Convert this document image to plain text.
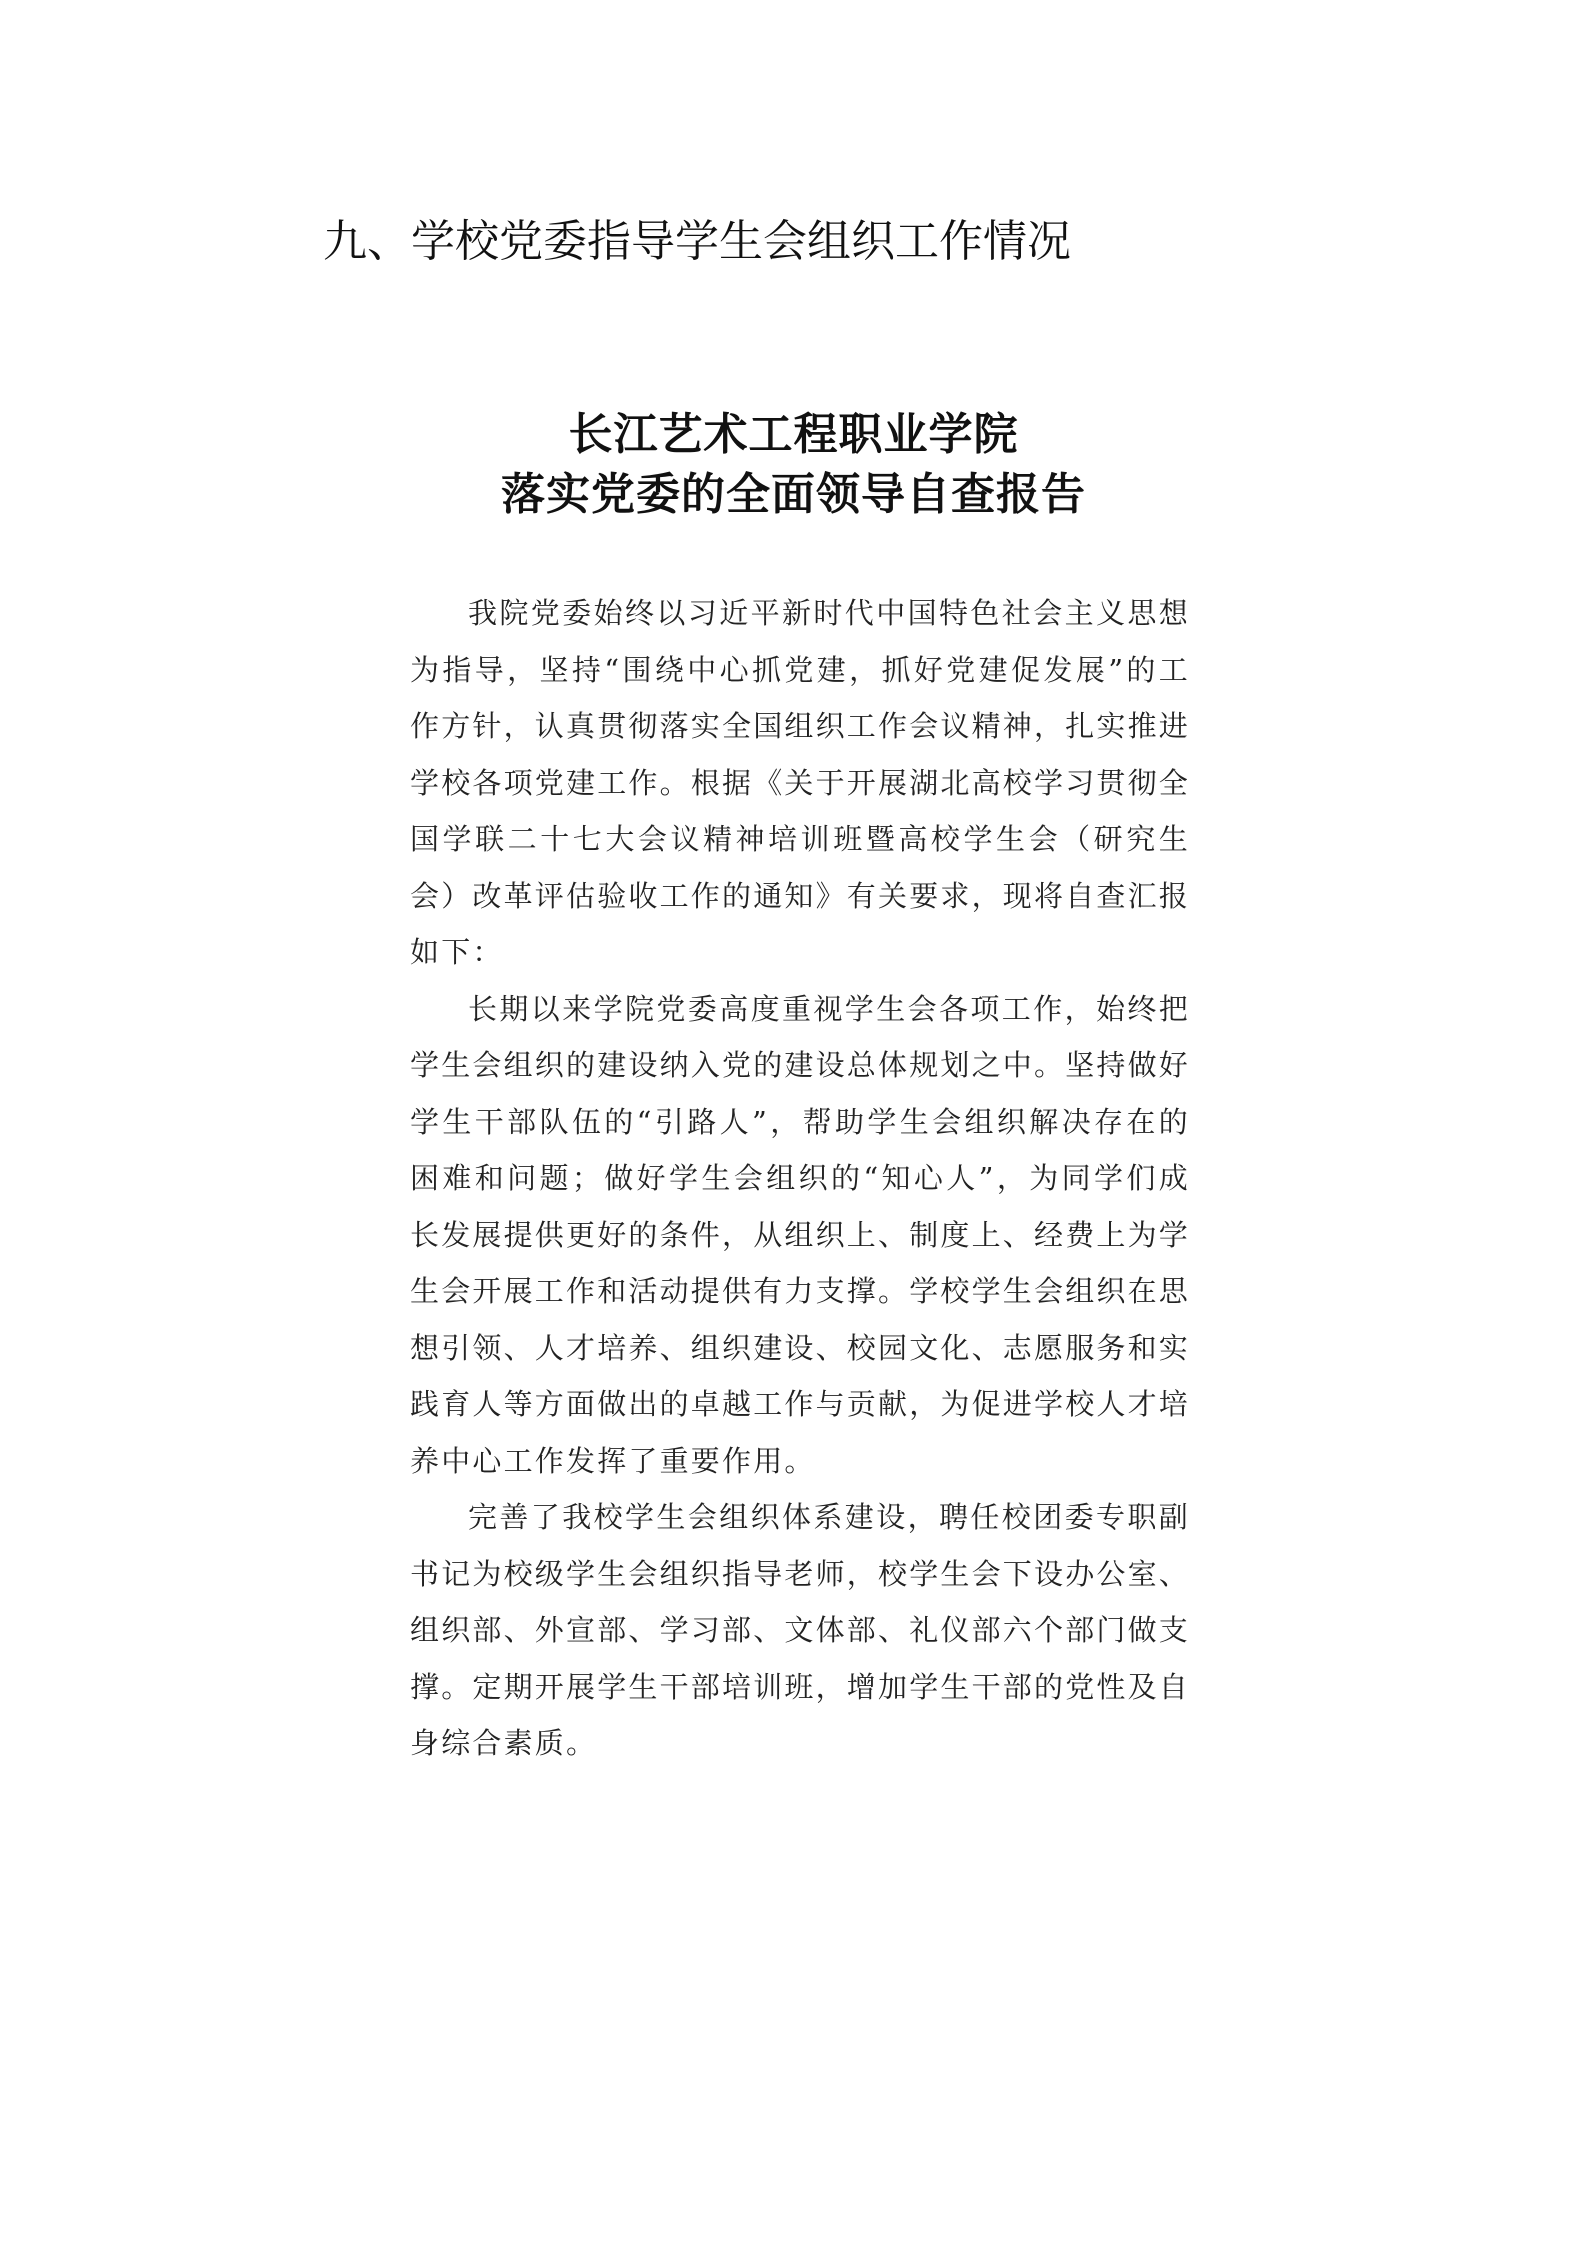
九、学校党委指导学生会组织工作情况
长江艺术工程职业学院
落实党委的全面领导自查报告

我院党委始终以习近平新时代中国特色社会主义思想为指导，坚持“围绕中心抓党建，抓好党建促发展”的工作方针，认真贯彻落实全国组织工作会议精神，扎实推进学校各项党建工作。根据《关于开展湖北高校学习贯彻全国学联二十七大会议精神培训班暨高校学生会（研究生会）改革评估验收工作的通知》有关要求，现将自查汇报如下：

长期以来学院党委高度重视学生会各项工作，始终把学生会组织的建设纳入党的建设总体规划之中。坚持做好学生干部队伍的“引路人”，帮助学生会组织解决存在的困难和问题；做好学生会组织的“知心人”，为同学们成长发展提供更好的条件，从组织上、制度上、经费上为学生会开展工作和活动提供有力支撑。学校学生会组织在思想引领、人才培养、组织建设、校园文化、志愿服务和实践育人等方面做出的卓越工作与贡献，为促进学校人才培养中心工作发挥了重要作用。

完善了我校学生会组织体系建设，聘任校团委专职副书记为校级学生会组织指导老师，校学生会下设办公室、组织部、外宣部、学习部、文体部、礼仪部六个部门做支撑。定期开展学生干部培训班，增加学生干部的党性及自身综合素质。
